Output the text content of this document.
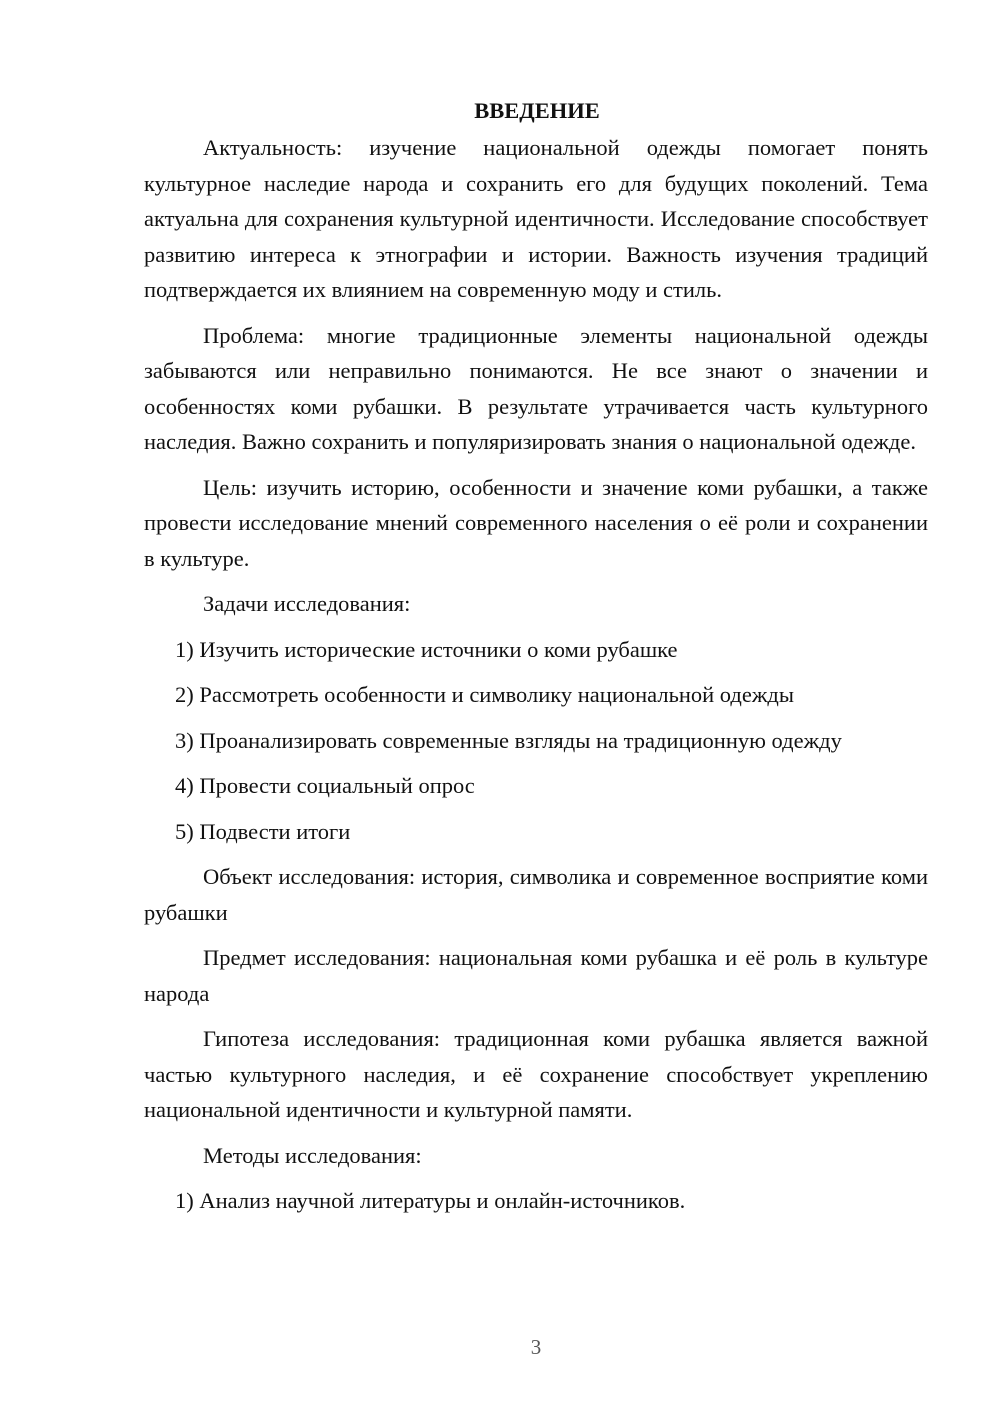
ВВЕДЕНИЕ

Актуальность: изучение национальной одежды помогает понять культурное наследие народа и сохранить его для будущих поколений. Тема актуальна для сохранения культурной идентичности. Исследование способствует развитию интереса к этнографии и истории. Важность изучения традиций подтверждается их влиянием на современную моду и стиль.

Проблема: многие традиционные элементы национальной одежды забываются или неправильно понимаются. Не все знают о значении и особенностях коми рубашки. В результате утрачивается часть культурного наследия. Важно сохранить и популяризировать знания о национальной одежде.

Цель: изучить историю, особенности и значение коми рубашки, а также провести исследование мнений современного населения о её роли и сохранении в культуре.

Задачи исследования:

1) Изучить исторические источники о коми рубашке

2) Рассмотреть особенности и символику национальной одежды

3) Проанализировать современные взгляды на традиционную одежду

4) Провести социальный опрос

5) Подвести итоги

Объект исследования: история, символика и современное восприятие коми рубашки

Предмет исследования: национальная коми рубашка и её роль в культуре народа

Гипотеза исследования: традиционная коми рубашка является важной частью культурного наследия, и её сохранение способствует укреплению национальной идентичности и культурной памяти.

Методы исследования:

1) Анализ научной литературы и онлайн-источников.

3
